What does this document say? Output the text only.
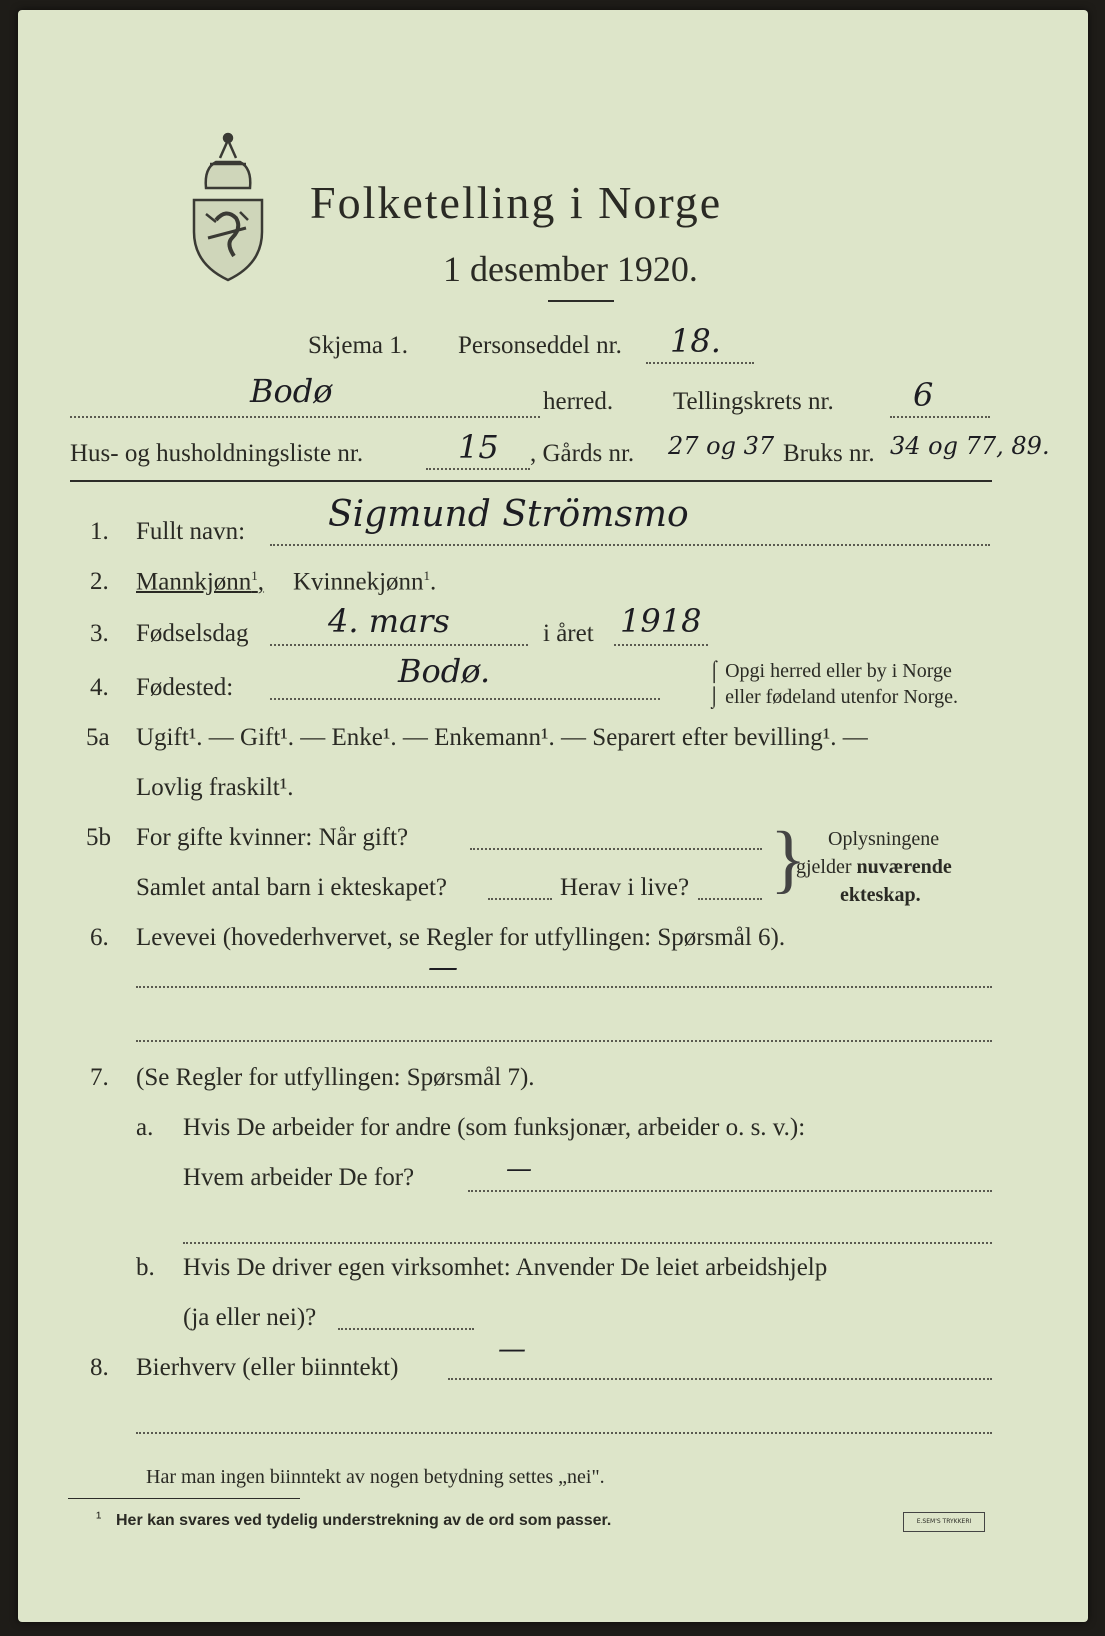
Folketelling i Norge
1 desember 1920.
Skjema 1. Personseddel nr. 18.
Bodø	herred. Tellingskrets nr. 6
Hus- og husholdningsliste nr.	15 , Gårds nr. 27 og 37 Bruks nr. 34 og 77, 89.
1. Fullt navn: Sigmund Strömsmo
2. Mannkjønn$^1$, Kvinnekjønn$^1$.
3. Fødselsdag 4. mars	i året 1918
4. Fødested:	Bodø.	⌠ Opgi herred eller by i Norge
⌡ eller fødeland utenfor Norge.
5a Ugift¹. — Gift¹. — Enke¹. — Enkemann¹. — Separert efter bevilling¹. —
Lovlig fraskilt¹.
5b For gifte kvinner: Når gift?
Samlet antal barn i ekteskapet?	Herav i live? } Oplysningene
gjelder nuværende
ekteskap.
6. Levevei (hovederhvervet, se Regler for utfyllingen: Spørsmål 6).
—
7. (Se Regler for utfyllingen: Spørsmål 7).
a. Hvis De arbeider for andre (som funksjonær, arbeider o. s. v.):
Hvem arbeider De for?	—
b. Hvis De driver egen virksomhet: Anvender De leiet arbeidshjelp
(ja eller nei)?
8. Bierhverv (eller biinntekt)
—
Har man ingen biinntekt av nogen betydning settes „nei".
¹ Her kan svares ved tydelig understrekning av de ord som passer.	E.SEM'S TRYKKERI
